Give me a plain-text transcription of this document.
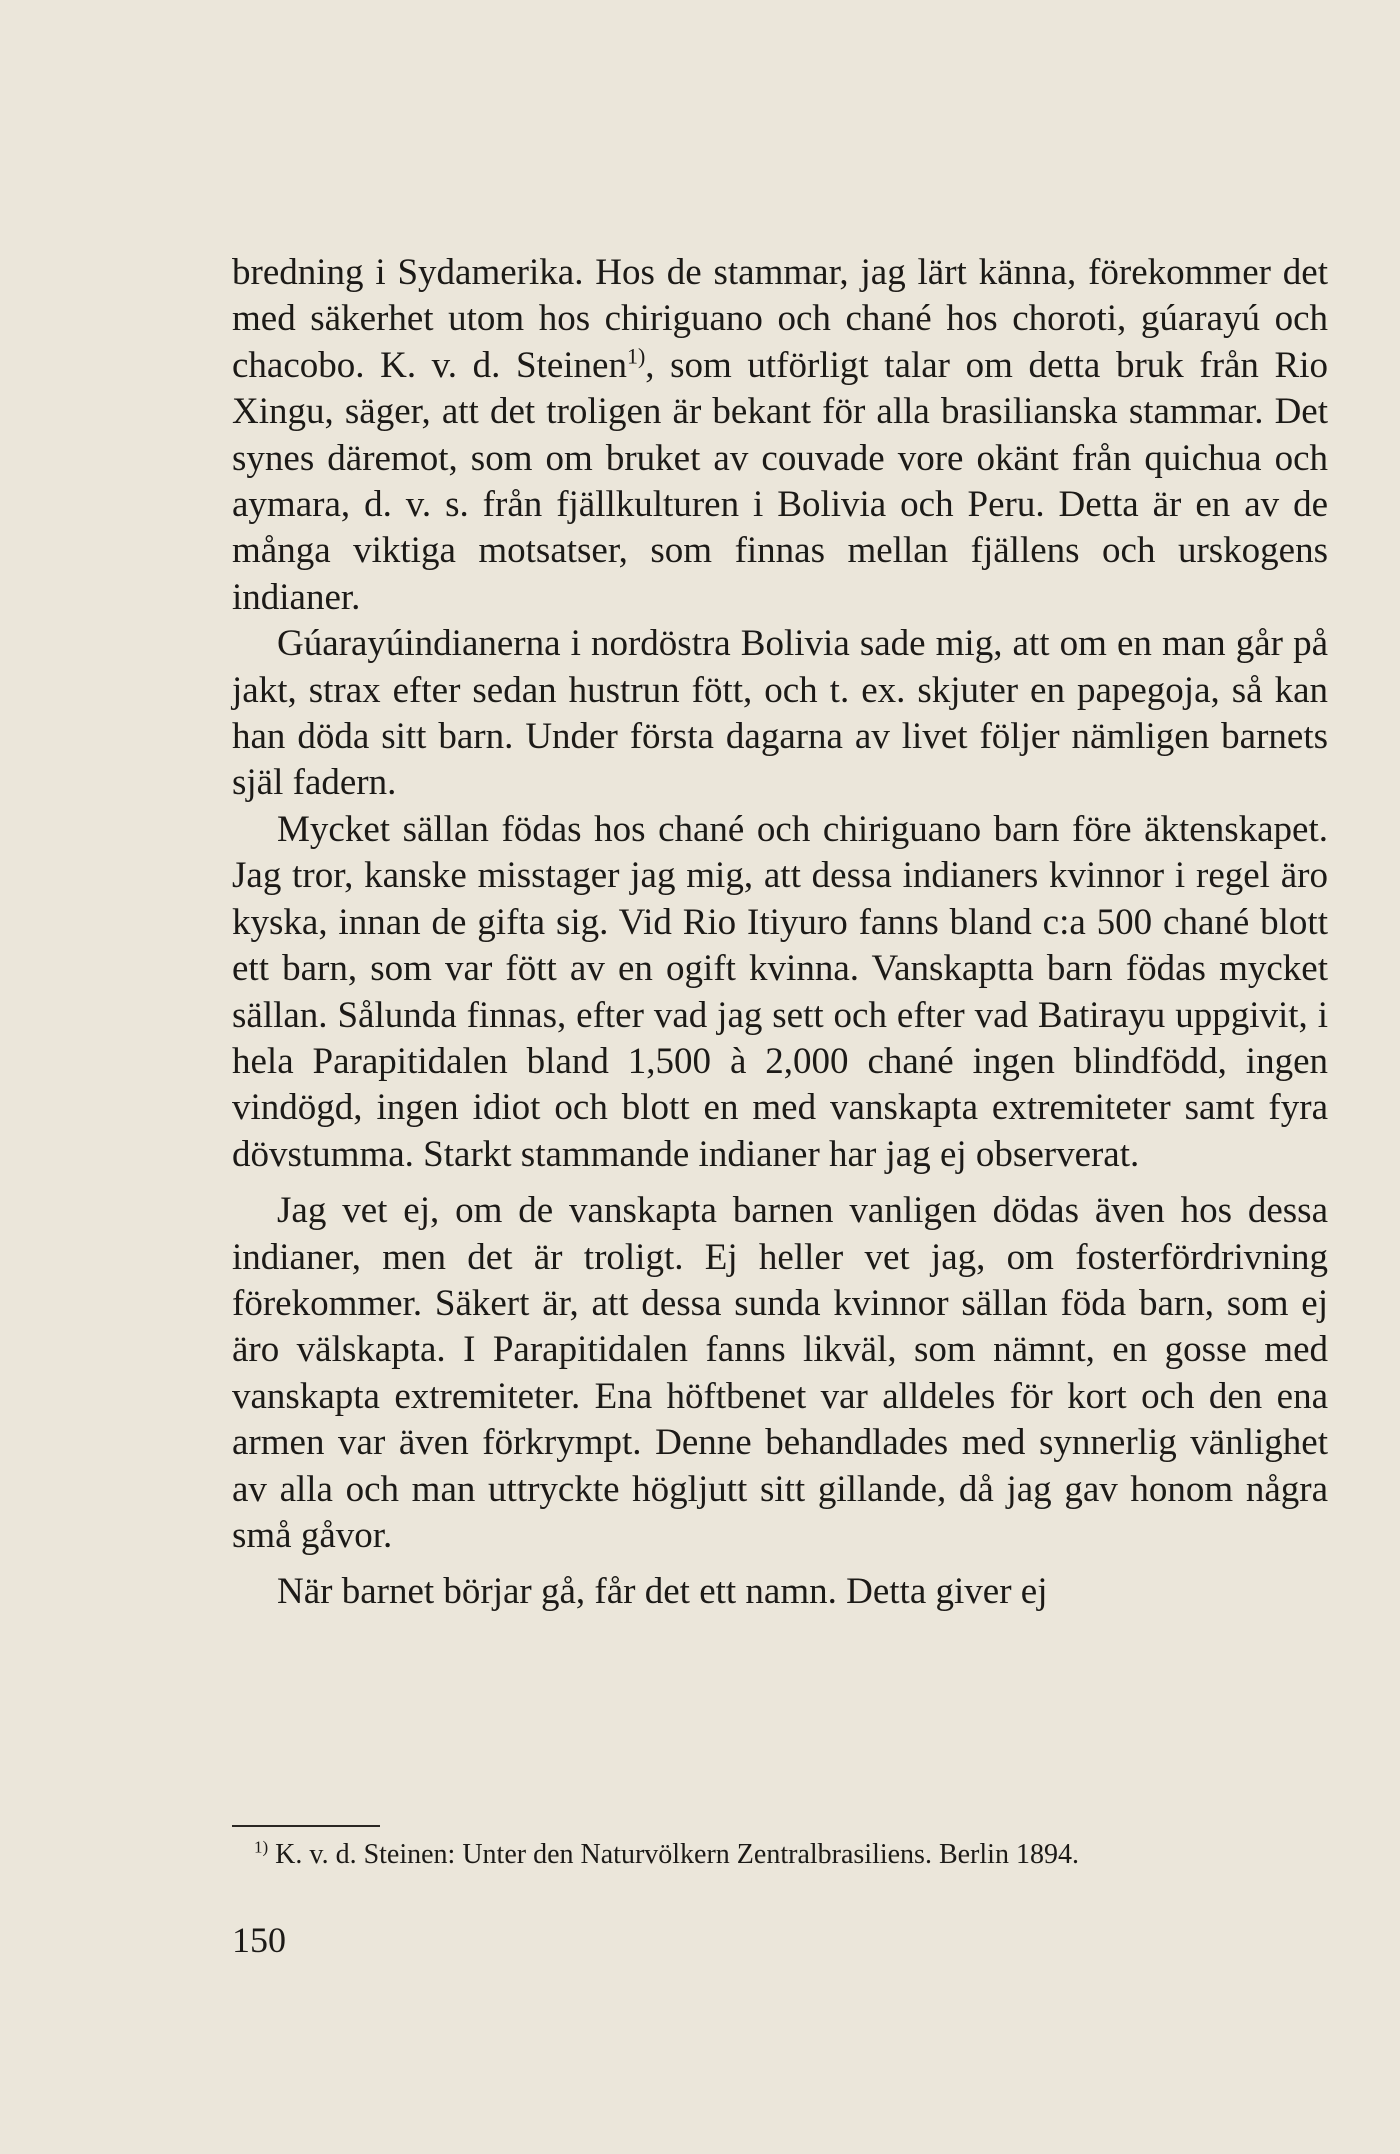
bredning i Sydamerika. Hos de stammar, jag lärt känna, förekommer det med säkerhet utom hos chiriguano och chané hos choroti, gúarayú och chacobo. K. v. d. Steinen$^{1)}$, som utförligt talar om detta bruk från Rio Xingu, säger, att det troligen är bekant för alla brasilianska stammar. Det synes däremot, som om bruket av couvade vore okänt från quichua och aymara, d. v. s. från fjällkulturen i Bolivia och Peru. Detta är en av de många viktiga motsatser, som finnas mellan fjällens och urskogens indianer.

Gúarayúindianerna i nordöstra Bolivia sade mig, att om en man går på jakt, strax efter sedan hustrun fött, och t. ex. skjuter en papegoja, så kan han döda sitt barn. Under första dagarna av livet följer nämligen barnets själ fadern.

Mycket sällan födas hos chané och chiriguano barn före äktenskapet. Jag tror, kanske misstager jag mig, att dessa indianers kvinnor i regel äro kyska, innan de gifta sig. Vid Rio Itiyuro fanns bland c:a 500 chané blott ett barn, som var fött av en ogift kvinna. Vanskaptta barn födas mycket sällan. Sålunda finnas, efter vad jag sett och efter vad Batirayu uppgivit, i hela Parapitidalen bland 1,500 à 2,000 chané ingen blindfödd, ingen vindögd, ingen idiot och blott en med vanskapta extremiteter samt fyra dövstumma. Starkt stammande indianer har jag ej observerat.

Jag vet ej, om de vanskapta barnen vanligen dödas även hos dessa indianer, men det är troligt. Ej heller vet jag, om fosterfördrivning förekommer. Säkert är, att dessa sunda kvinnor sällan föda barn, som ej äro välskapta. I Parapitidalen fanns likväl, som nämnt, en gosse med vanskapta extremiteter. Ena höftbenet var alldeles för kort och den ena armen var även förkrympt. Denne behandlades med synnerlig vänlighet av alla och man uttryckte högljutt sitt gillande, då jag gav honom några små gåvor.

När barnet börjar gå, får det ett namn. Detta giver ej

$^{1)}$ K. v. d. Steinen: Unter den Naturvölkern Zentralbrasiliens. Berlin 1894.
150
